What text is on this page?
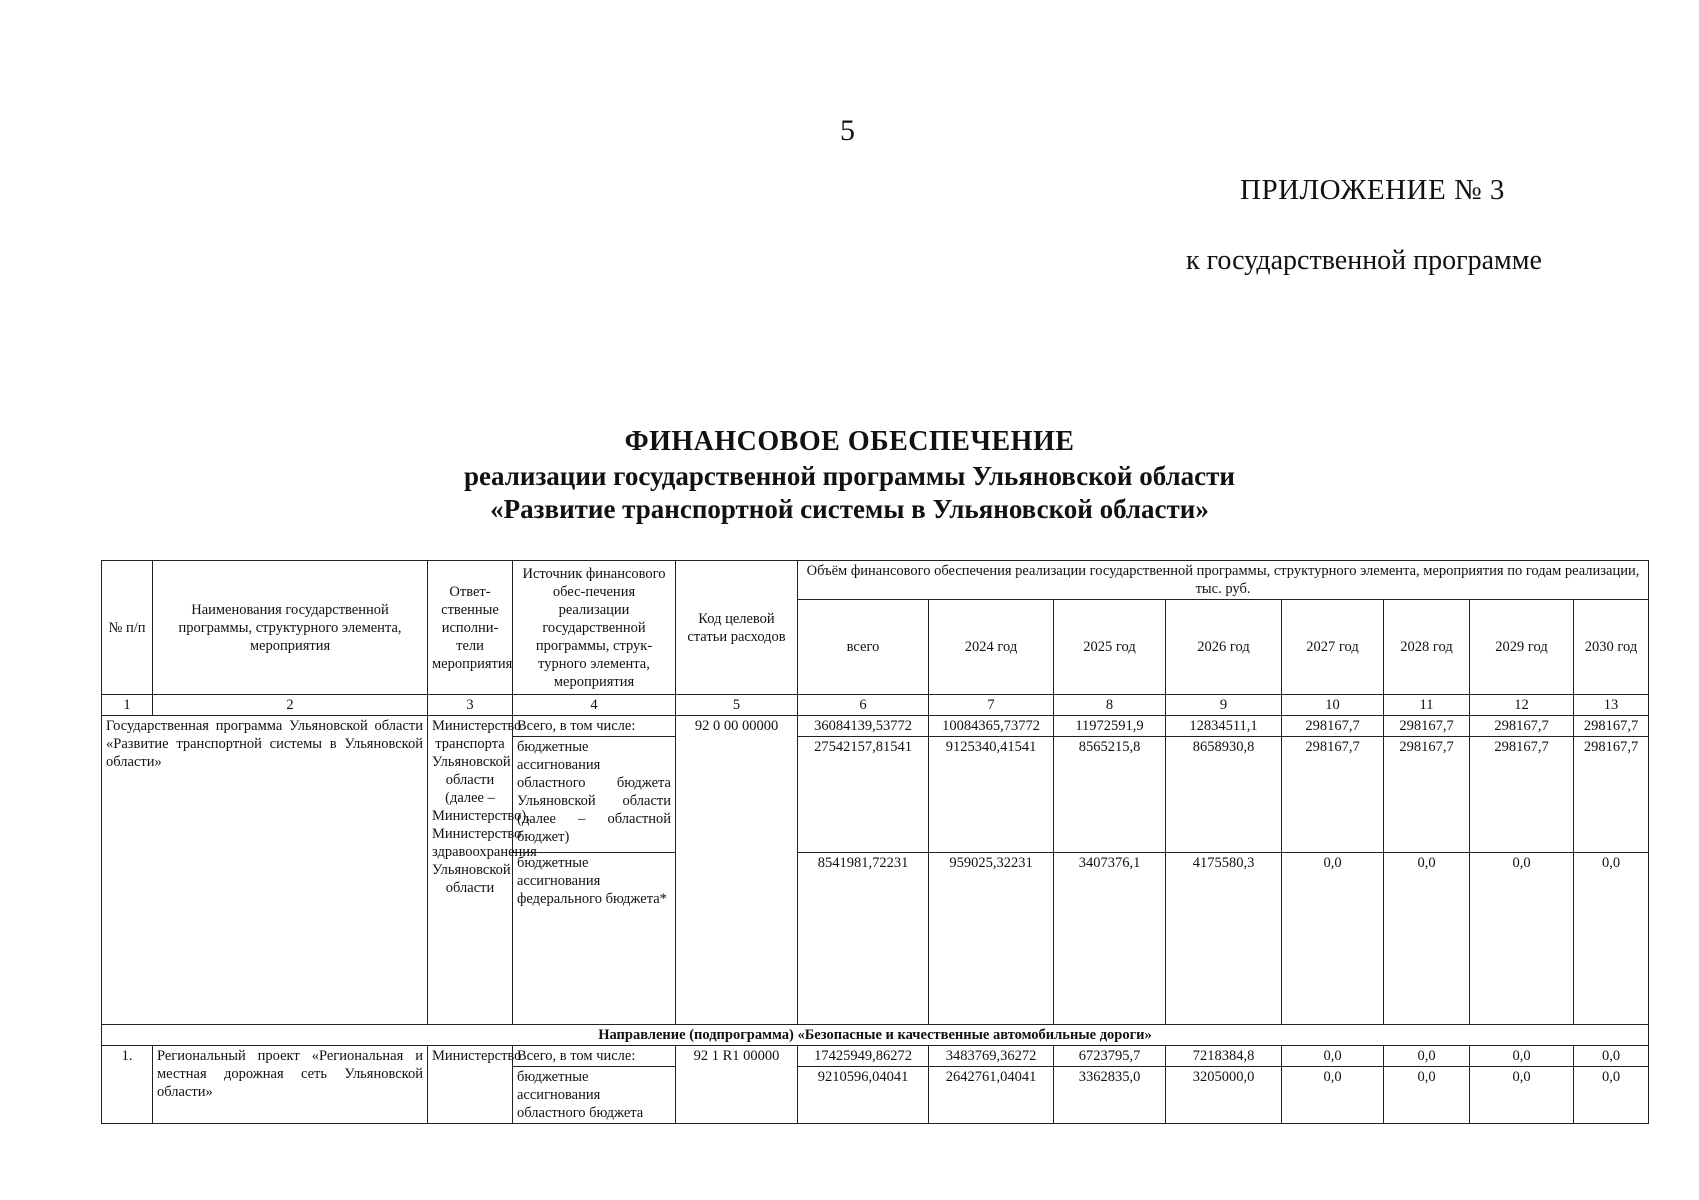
5
ПРИЛОЖЕНИЕ № 3
к государственной программе
ФИНАНСОВОЕ ОБЕСПЕЧЕНИЕ
реализации государственной программы Ульяновской области
«Развитие транспортной системы в Ульяновской области»
№ п/п	Наименования государственной программы, структурного элемента, мероприятия	Ответ-ственные исполни-тели мероприятия	Источник финансового обес-печения реализации государственной программы, струк-турного элемента, мероприятия	Код целевой статьи расходов	Объём финансового обеспечения реализации государственной программы, структурного элемента, мероприятия по годам реализации, тыс. руб.							
					всего	2024 год	2025 год	2026 год	2027 год	2028 год	2029 год	2030 год
1	2	3	4	5	6	7	8	9	10	11	12	13
Государственная программа Ульяновской области «Развитие транспортной системы в Ульяновской области»		Министерство транспорта Ульяновской области (далее – Министерство), Министерство здравоохранения Ульяновской области	Всего, в том числе:	92 0 00 00000	36084139,53772	10084365,73772	11972591,9	12834511,1	298167,7	298167,7	298167,7	298167,7
			бюджетные ассигнования областного бюджета Ульяновской области (далее – областной бюджет)		27542157,81541	9125340,41541	8565215,8	8658930,8	298167,7	298167,7	298167,7	298167,7
			бюджетные ассигнования федерального бюджета*		8541981,72231	959025,32231	3407376,1	4175580,3	0,0	0,0	0,0	0,0
Направление (подпрограмма) «Безопасные и качественные автомобильные дороги»												
1.	Региональный проект «Региональная и местная дорожная сеть Ульяновской области»	Министерство	Всего, в том числе:	92 1 R1 00000	17425949,86272	3483769,36272	6723795,7	7218384,8	0,0	0,0	0,0	0,0
			бюджетные ассигнования областного бюджета		9210596,04041	2642761,04041	3362835,0	3205000,0	0,0	0,0	0,0	0,0
